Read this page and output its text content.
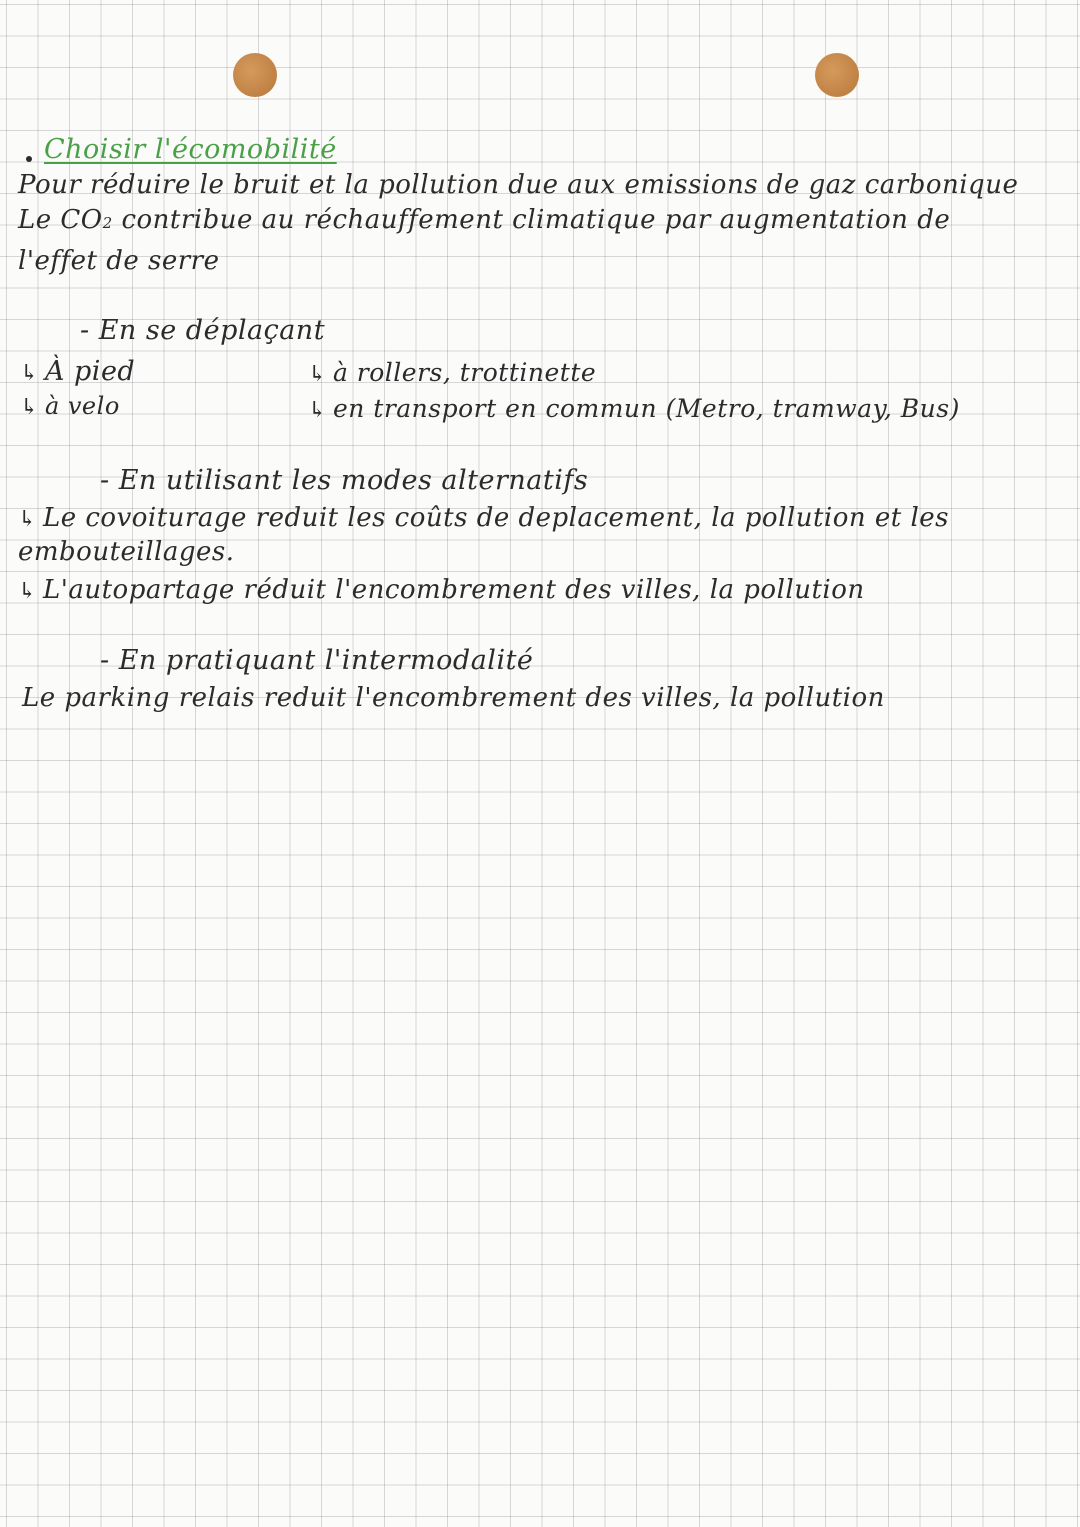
Choisir l'écomobilité
Pour réduire le bruit et la pollution due aux emissions de gaz carbonique
Le CO2 contribue au réchauffement climatique par augmentation de
l'effet de serre
- En se déplaçant
↳ À pied
↳ à velo
↳ à rollers, trottinette
↳ en transport en commun (Metro, tramway, Bus)
- En utilisant les modes alternatifs
↳ Le covoiturage reduit les coûts de deplacement, la pollution et les
embouteillages.
↳ L'autopartage réduit l'encombrement des villes, la pollution
- En pratiquant l'intermodalité
Le parking relais reduit l'encombrement des villes, la pollution
